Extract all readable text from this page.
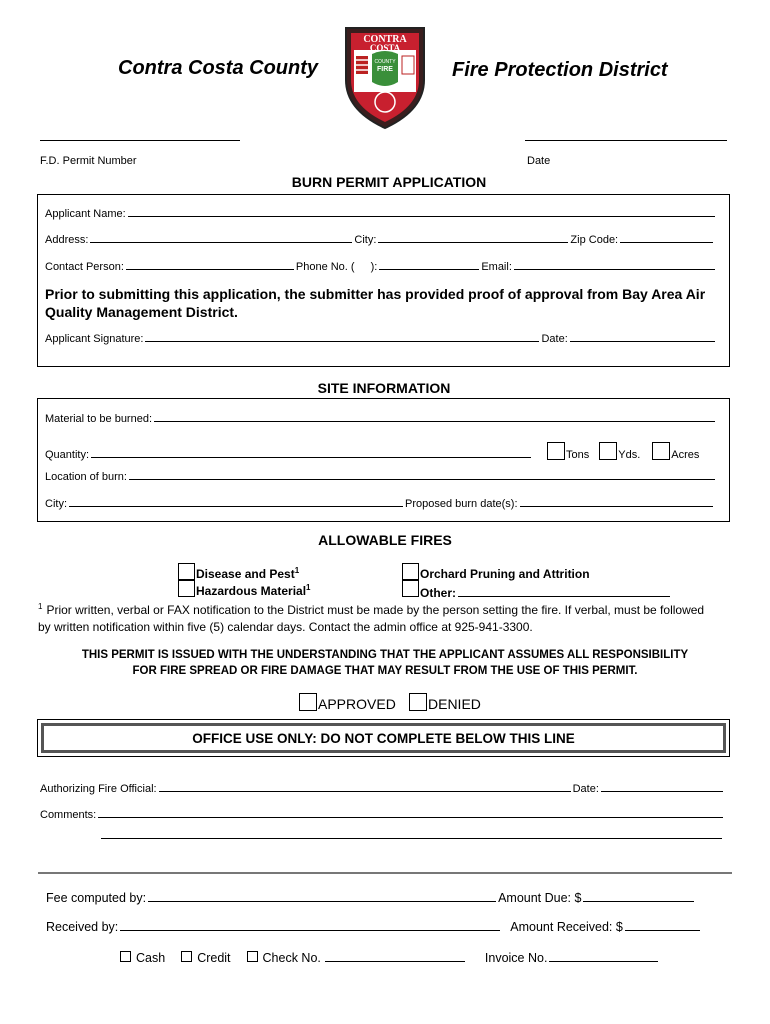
Contra Costa County	Fire Protection District
CONTRA
COSTA
COUNTY
FIRE
F.D. Permit Number	Date
BURN PERMIT APPLICATION
Applicant Name:
Address:	City:	Zip Code:
Contact Person:	Phone No. ( ):	Email:
Prior to submitting this application, the submitter has provided proof of approval from Bay Area Air Quality Management District.
Applicant Signature:	Date:
SITE INFORMATION
Material to be burned:
Quantity:	Tons	Yds.	Acres
Location of burn:
City:	Proposed burn date(s):
ALLOWABLE FIRES
Disease and Pest$^1$
Hazardous Material$^1$
Orchard Pruning and Attrition
Other:
$^1$ Prior written, verbal or FAX notification to the District must be made by the person setting the fire. If verbal, must be followed by written notification within five (5) calendar days. Contact the admin office at 925-941-3300.
THIS PERMIT IS ISSUED WITH THE UNDERSTANDING THAT THE APPLICANT ASSUMES ALL RESPONSIBILITY
FOR FIRE SPREAD OR FIRE DAMAGE THAT MAY RESULT FROM THE USE OF THIS PERMIT.
APPROVED	DENIED
OFFICE USE ONLY: DO NOT COMPLETE BELOW THIS LINE
Authorizing Fire Official:	Date:
Comments:
Fee computed by:	Amount Due: $
Received by:	Amount Received: $
Cash	Credit	Check No.	Invoice No.
